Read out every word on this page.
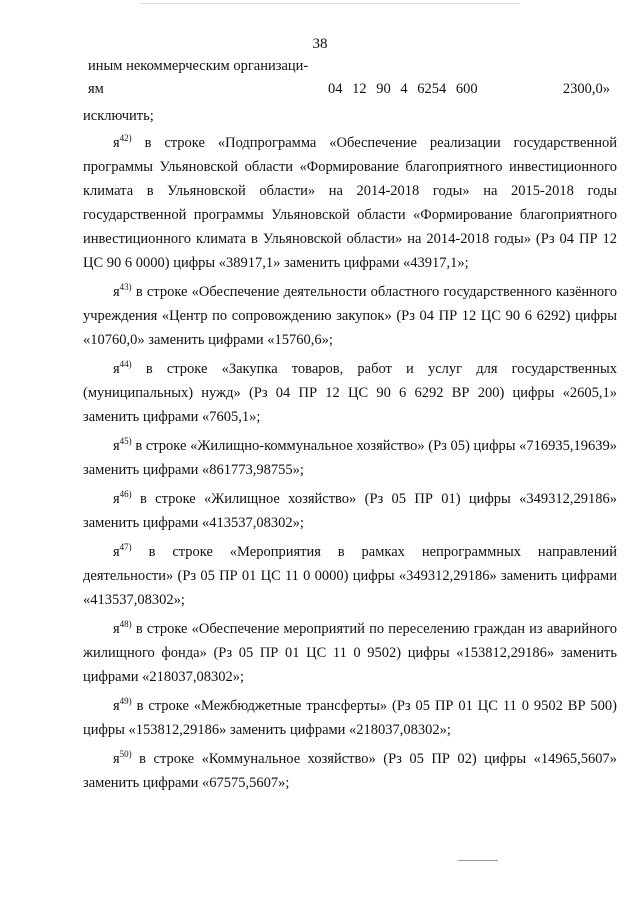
38
иным некоммерческим организаци-
ям	04 12 90 4 6254 600	2300,0»

исключить;

$я^{42)}$ в строке «Подпрограмма «Обеспечение реализации государственной программы Ульяновской области «Формирование благоприятного инвестиционного климата в Ульяновской области» на 2014-2018 годы» на 2015-2018 годы государственной программы Ульяновской области «Формирование благоприятного инвестиционного климата в Ульяновской области» на 2014-2018 годы» (Рз 04 ПР 12 ЦС 90 6 0000) цифры «38917,1» заменить цифрами «43917,1»;

$я^{43)}$ в строке «Обеспечение деятельности областного государственного казённого учреждения «Центр по сопровождению закупок» (Рз 04 ПР 12 ЦС 90 6 6292) цифры «10760,0» заменить цифрами «15760,6»;

$я^{44)}$ в строке «Закупка товаров, работ и услуг для государственных (муниципальных) нужд» (Рз 04 ПР 12 ЦС 90 6 6292 ВР 200) цифры «2605,1» заменить цифрами «7605,1»;

$я^{45)}$ в строке «Жилищно-коммунальное хозяйство» (Рз 05) цифры «716935,19639» заменить цифрами «861773,98755»;

$я^{46)}$ в строке «Жилищное хозяйство» (Рз 05 ПР 01) цифры «349312,29186» заменить цифрами «413537,08302»;

$я^{47)}$ в строке «Мероприятия в рамках непрограммных направлений деятельности» (Рз 05 ПР 01 ЦС 11 0 0000) цифры «349312,29186» заменить цифрами «413537,08302»;

$я^{48)}$ в строке «Обеспечение мероприятий по переселению граждан из аварийного жилищного фонда» (Рз 05 ПР 01 ЦС 11 0 9502) цифры «153812,29186» заменить цифрами «218037,08302»;

$я^{49)}$ в строке «Межбюджетные трансферты» (Рз 05 ПР 01 ЦС 11 0 9502 ВР 500) цифры «153812,29186» заменить цифрами «218037,08302»;

$я^{50)}$ в строке «Коммунальное хозяйство» (Рз 05 ПР 02) цифры «14965,5607» заменить цифрами «67575,5607»;
